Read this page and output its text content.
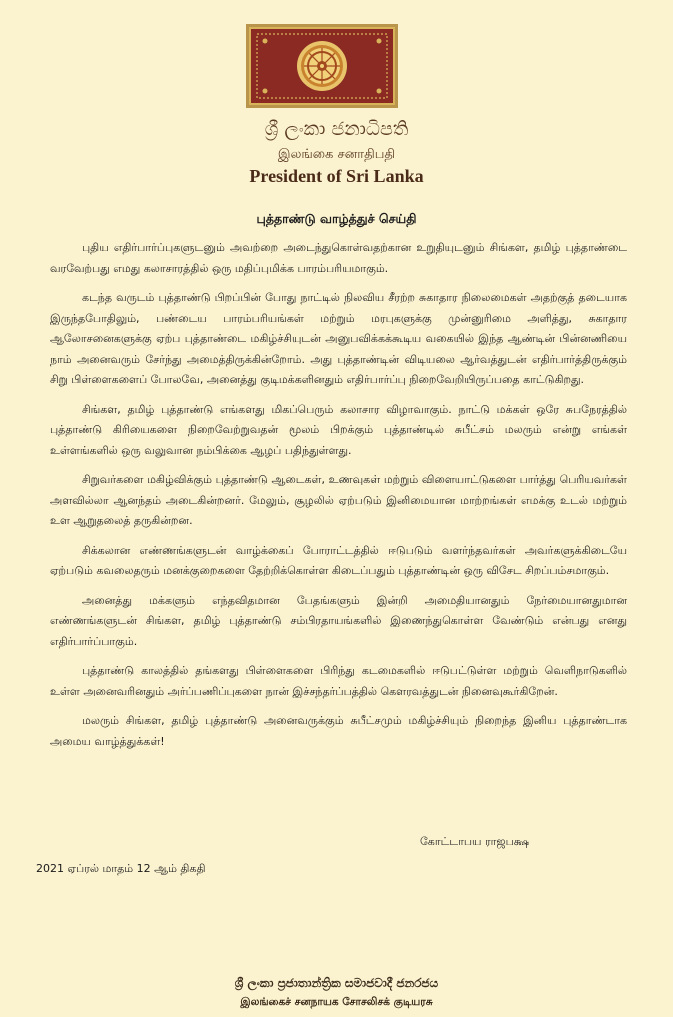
ශ්‍රී ලංකා ජනාධිපති
இலங்கை சனாதிபதி
President of Sri Lanka
புத்தாண்டு வாழ்த்துச் செய்தி

புதிய எதிர்பார்ப்புகளுடனும் அவற்றை அடைந்துகொள்வதற்கான உறுதியுடனும் சிங்கள, தமிழ் புத்தாண்டை வரவேற்பது எமது கலாசாரத்தில் ஒரு மதிப்புமிக்க பாரம்பரியமாகும்.

கடந்த வருடம் புத்தாண்டு பிறப்பின் போது நாட்டில் நிலவிய சீரற்ற சுகாதார நிலைமைகள் அதற்குத் தடையாக இருந்தபோதிலும், பண்டைய பாரம்பரியங்கள் மற்றும் மரபுகளுக்கு முன்னுரிமை அளித்து, சுகாதார ஆலோசனைகளுக்கு ஏற்ப புத்தாண்டை மகிழ்ச்சியுடன் அனுபவிக்கக்கூடிய வகையில் இந்த ஆண்டின் பின்னணியை நாம் அனைவரும் சேர்ந்து அமைத்திருக்கின்றோம். அது புத்தாண்டின் விடியலை ஆர்வத்துடன் எதிர்பார்த்திருக்கும் சிறு பிள்ளைகளைப் போலவே, அனைத்து குடிமக்களினதும் எதிர்பார்ப்பு நிறைவேறியிருப்பதை காட்டுகிறது.

சிங்கள, தமிழ் புத்தாண்டு எங்களது மிகப்பெரும் கலாசார விழாவாகும். நாட்டு மக்கள் ஒரே சுபநேரத்தில் புத்தாண்டு கிரியைகளை நிறைவேற்றுவதன் மூலம் பிறக்கும் புத்தாண்டில் சுபீட்சம் மலரும் என்று எங்கள் உள்ளங்களில் ஒரு வலுவான நம்பிக்கை ஆழப் பதிந்துள்ளது.

சிறுவர்களை மகிழ்விக்கும் புத்தாண்டு ஆடைகள், உணவுகள் மற்றும் விளையாட்டுகளை பார்த்து பெரியவர்கள் அளவில்லா ஆனந்தம் அடைகின்றனர். மேலும், சூழலில் ஏற்படும் இனிமையான மாற்றங்கள் எமக்கு உடல் மற்றும் உள ஆறுதலைத் தருகின்றன.

சிக்கலான எண்ணங்களுடன் வாழ்க்கைப் போராட்டத்தில் ஈடுபடும் வளர்ந்தவர்கள் அவர்களுக்கிடையே ஏற்படும் கவலைதரும் மனக்குறைகளை தேற்றிக்கொள்ள கிடைப்பதும் புத்தாண்டின் ஒரு விசேட சிறப்பம்சமாகும்.

அனைத்து மக்களும் எந்தவிதமான பேதங்களும் இன்றி அமைதியானதும் நேர்மையானதுமான எண்ணங்களுடன் சிங்கள, தமிழ் புத்தாண்டு சம்பிரதாயங்களில் இணைந்துகொள்ள வேண்டும் என்பது எனது எதிர்பார்ப்பாகும்.

புத்தாண்டு காலத்தில் தங்களது பிள்ளைகளை பிரிந்து கடமைகளில் ஈடுபட்டுள்ள மற்றும் வெளிநாடுகளில் உள்ள அனைவரினதும் அர்ப்பணிப்புகளை நான் இச்சந்தர்ப்பத்தில் கௌரவத்துடன் நினைவுகூர்கிறேன்.

மலரும் சிங்கள, தமிழ் புத்தாண்டு அனைவருக்கும் சுபீட்சமும் மகிழ்ச்சியும் நிறைந்த இனிய புத்தாண்டாக அமைய வாழ்த்துக்கள்!

கோட்டாபய ராஜபக்ஷ
2021 ஏப்ரல் மாதம் 12 ஆம் திகதி
ශ්‍රී ලංකා ප්‍රජාතාන්ත්‍රික සමාජවාදී ජනරජය
இலங்கைச் சனநாயக சோசலிசக் குடியரசு
